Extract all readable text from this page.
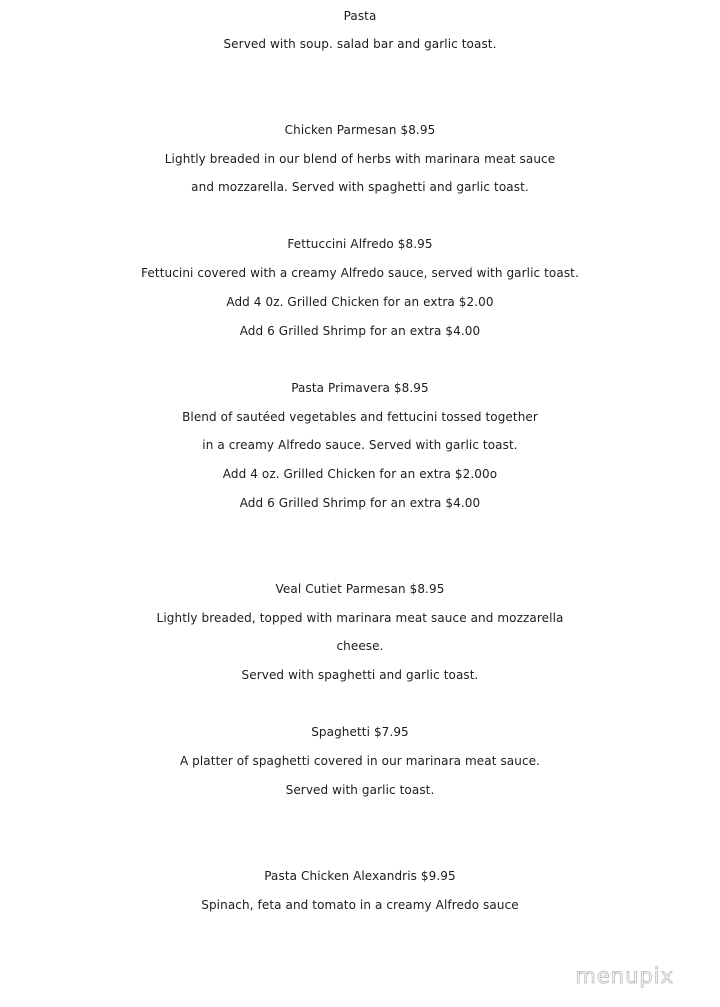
Pasta
Served with soup. salad bar and garlic toast.
Chicken Parmesan $8.95
Lightly breaded in our blend of herbs with marinara meat sauce
and mozzarella. Served with spaghetti and garlic toast.
Fettuccini Alfredo $8.95
Fettucini covered with a creamy Alfredo sauce, served with garlic toast.
Add 4 0z. Grilled Chicken for an extra $2.00
Add 6 Grilled Shrimp for an extra $4.00
Pasta Primavera $8.95
Blend of sautéed vegetables and fettucini tossed together
in a creamy Alfredo sauce. Served with garlic toast.
Add 4 oz. Grilled Chicken for an extra $2.00o
Add 6 Grilled Shrimp for an extra $4.00
Veal Cutiet Parmesan $8.95
Lightly breaded, topped with marinara meat sauce and mozzarella
cheese.
Served with spaghetti and garlic toast.
Spaghetti $7.95
A platter of spaghetti covered in our marinara meat sauce.
Served with garlic toast.
Pasta Chicken Alexandris $9.95
Spinach, feta and tomato in a creamy Alfredo sauce
menupix
